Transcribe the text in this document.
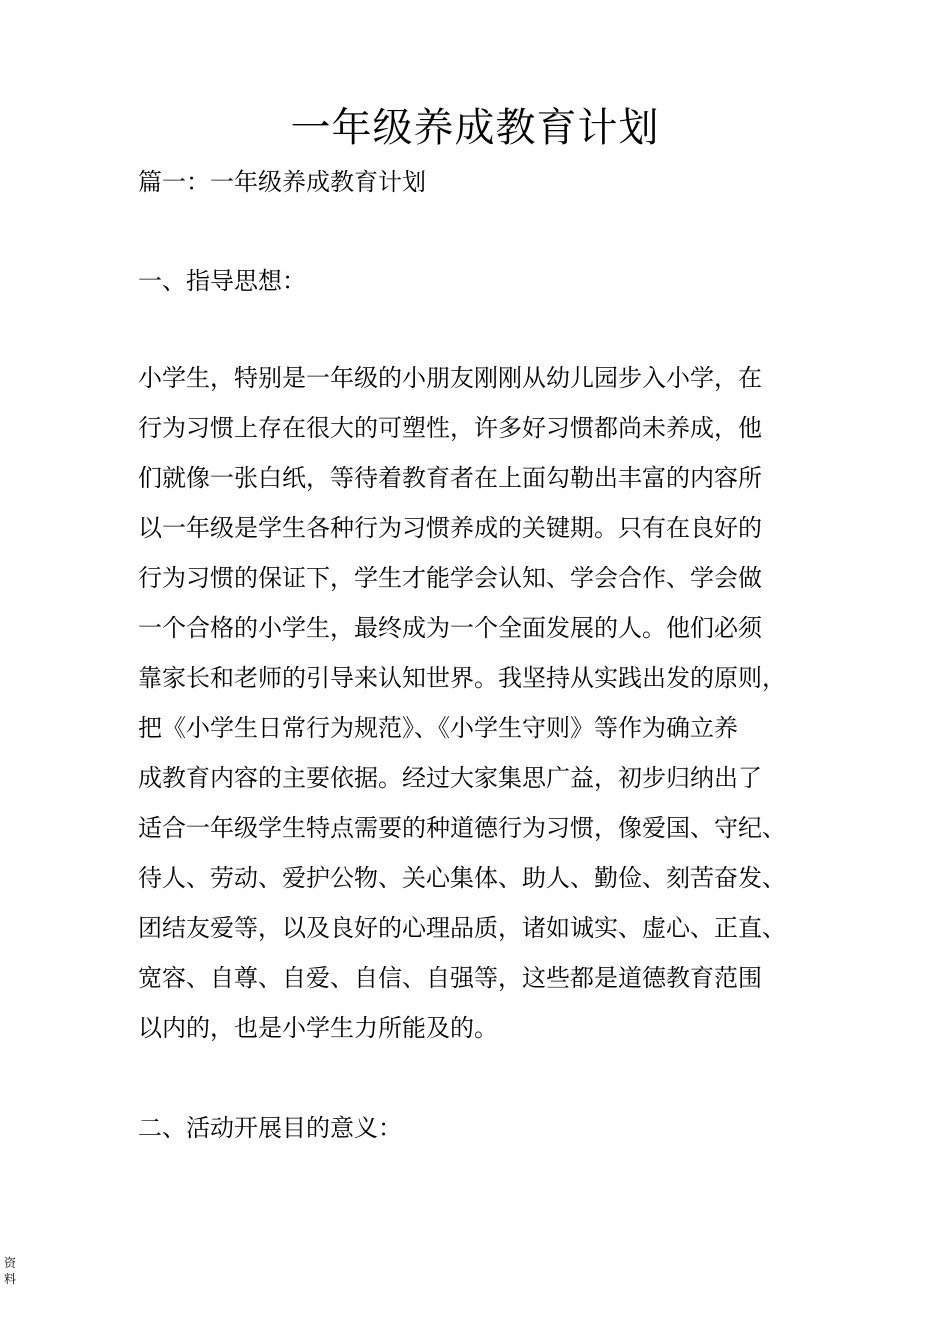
一年级养成教育计划

篇一：一年级养成教育计划

一、指导思想：
小学生，特别是一年级的小朋友刚刚从幼儿园步入小学，在
行为习惯上存在很大的可塑性，许多好习惯都尚未养成，他
们就像一张白纸，等待着教育者在上面勾勒出丰富的内容所
以一年级是学生各种行为习惯养成的关键期。只有在良好的
行为习惯的保证下，学生才能学会认知、学会合作、学会做
一个合格的小学生，最终成为一个全面发展的人。他们必须
靠家长和老师的引导来认知世界。我坚持从实践出发的原则，
把《小学生日常行为规范》、《小学生守则》等作为确立养
成教育内容的主要依据。经过大家集思广益，初步归纳出了
适合一年级学生特点需要的种道德行为习惯，像爱国、守纪、
待人、劳动、爱护公物、关心集体、助人、勤俭、刻苦奋发、
团结友爱等，以及良好的心理品质，诸如诚实、虚心、正直、
宽容、自尊、自爱、自信、自强等，这些都是道德教育范围
以内的，也是小学生力所能及的。
二、活动开展目的意义：
资料
